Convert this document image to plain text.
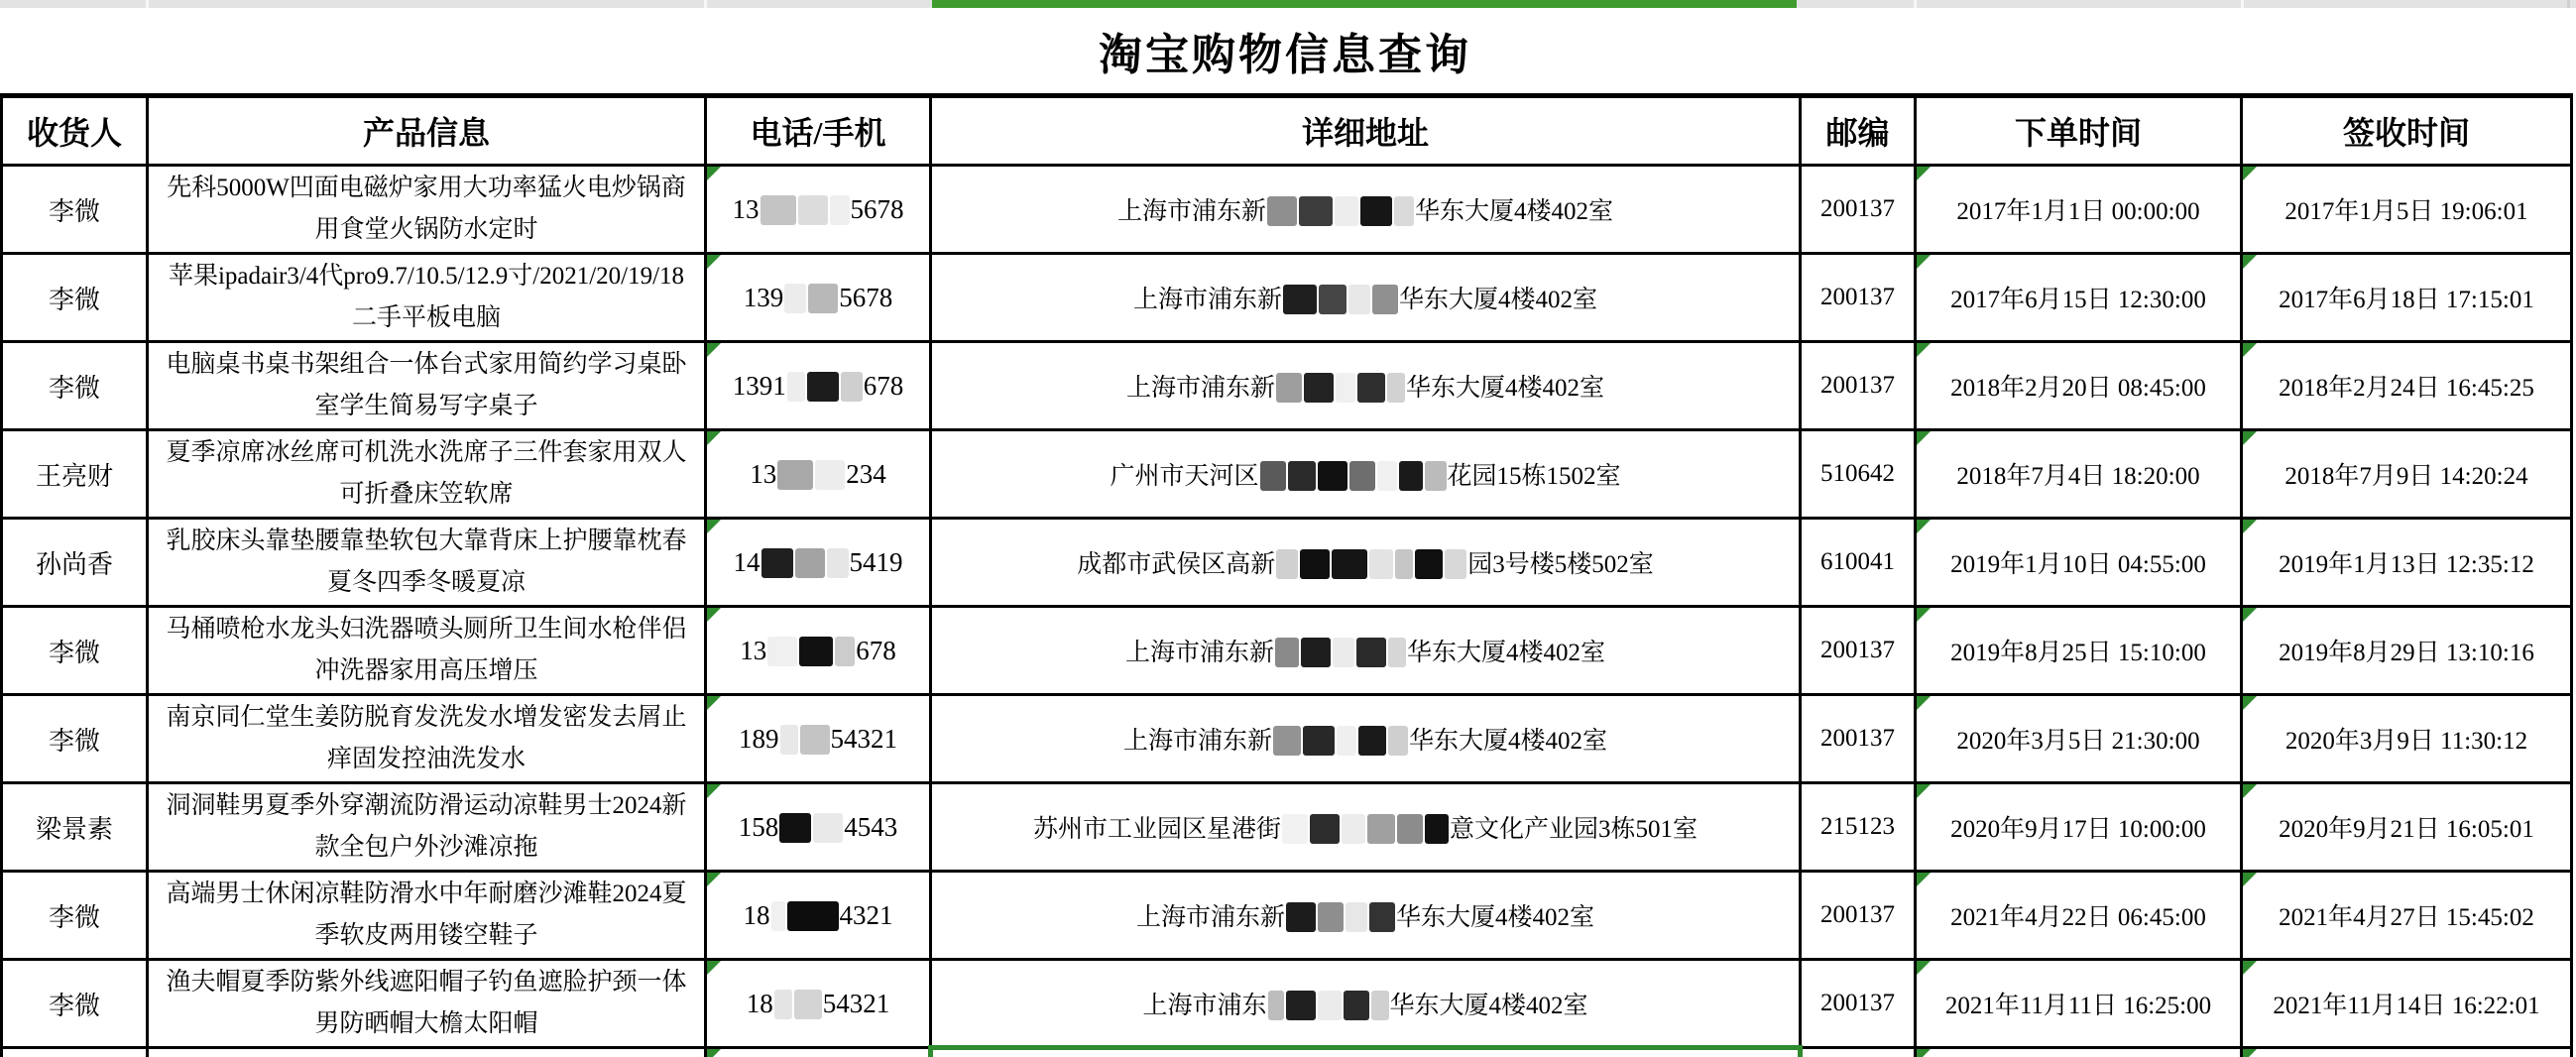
淘宝购物信息查询
收货人	产品信息	电话/手机	详细地址	邮编	下单时间	签收时间
李微	先科5000W凹面电磁炉家用大功率猛火电炒锅商用食堂火锅防水定时	13 5678	上海市浦东新 华东大厦4楼402室	200137	2017年1月1日 00:00:00	2017年1月5日 19:06:01

李微	苹果ipadair3/4代pro9.7/10.5/12.9寸/2021/20/19/18二手平板电脑	139 5678	上海市浦东新 华东大厦4楼402室	200137	2017年6月15日 12:30:00	2017年6月18日 17:15:01

李微	电脑桌书桌书架组合一体台式家用简约学习桌卧室学生简易写字桌子	1391 678	上海市浦东新 华东大厦4楼402室	200137	2018年2月20日 08:45:00	2018年2月24日 16:45:25

王亮财	夏季凉席冰丝席可机洗水洗席子三件套家用双人可折叠床笠软席	13 234	广州市天河区 花园15栋1502室	510642	2018年7月4日 18:20:00	2018年7月9日 14:20:24

孙尚香	乳胶床头靠垫腰靠垫软包大靠背床上护腰靠枕春夏冬四季冬暖夏凉	14 5419	成都市武侯区高新 园3号楼5楼502室	610041	2019年1月10日 04:55:00	2019年1月13日 12:35:12

李微	马桶喷枪水龙头妇洗器喷头厕所卫生间水枪伴侣冲洗器家用高压增压	13 678	上海市浦东新 华东大厦4楼402室	200137	2019年8月25日 15:10:00	2019年8月29日 13:10:16

李微	南京同仁堂生姜防脱育发洗发水增发密发去屑止痒固发控油洗发水	189 54321	上海市浦东新 华东大厦4楼402室	200137	2020年3月5日 21:30:00	2020年3月9日 11:30:12

梁景素	洞洞鞋男夏季外穿潮流防滑运动凉鞋男士2024新款全包户外沙滩凉拖	158 4543	苏州市工业园区星港街 意文化产业园3栋501室	215123	2020年9月17日 10:00:00	2020年9月21日 16:05:01

李微	高端男士休闲凉鞋防滑水中年耐磨沙滩鞋2024夏季软皮两用镂空鞋子	18 4321	上海市浦东新 华东大厦4楼402室	200137	2021年4月22日 06:45:00	2021年4月27日 15:45:02

李微	渔夫帽夏季防紫外线遮阳帽子钓鱼遮脸护颈一体男防晒帽大檐太阳帽	18 54321	上海市浦东 华东大厦4楼402室	200137	2021年11月11日 16:25:00	2021年11月14日 16:22:01
